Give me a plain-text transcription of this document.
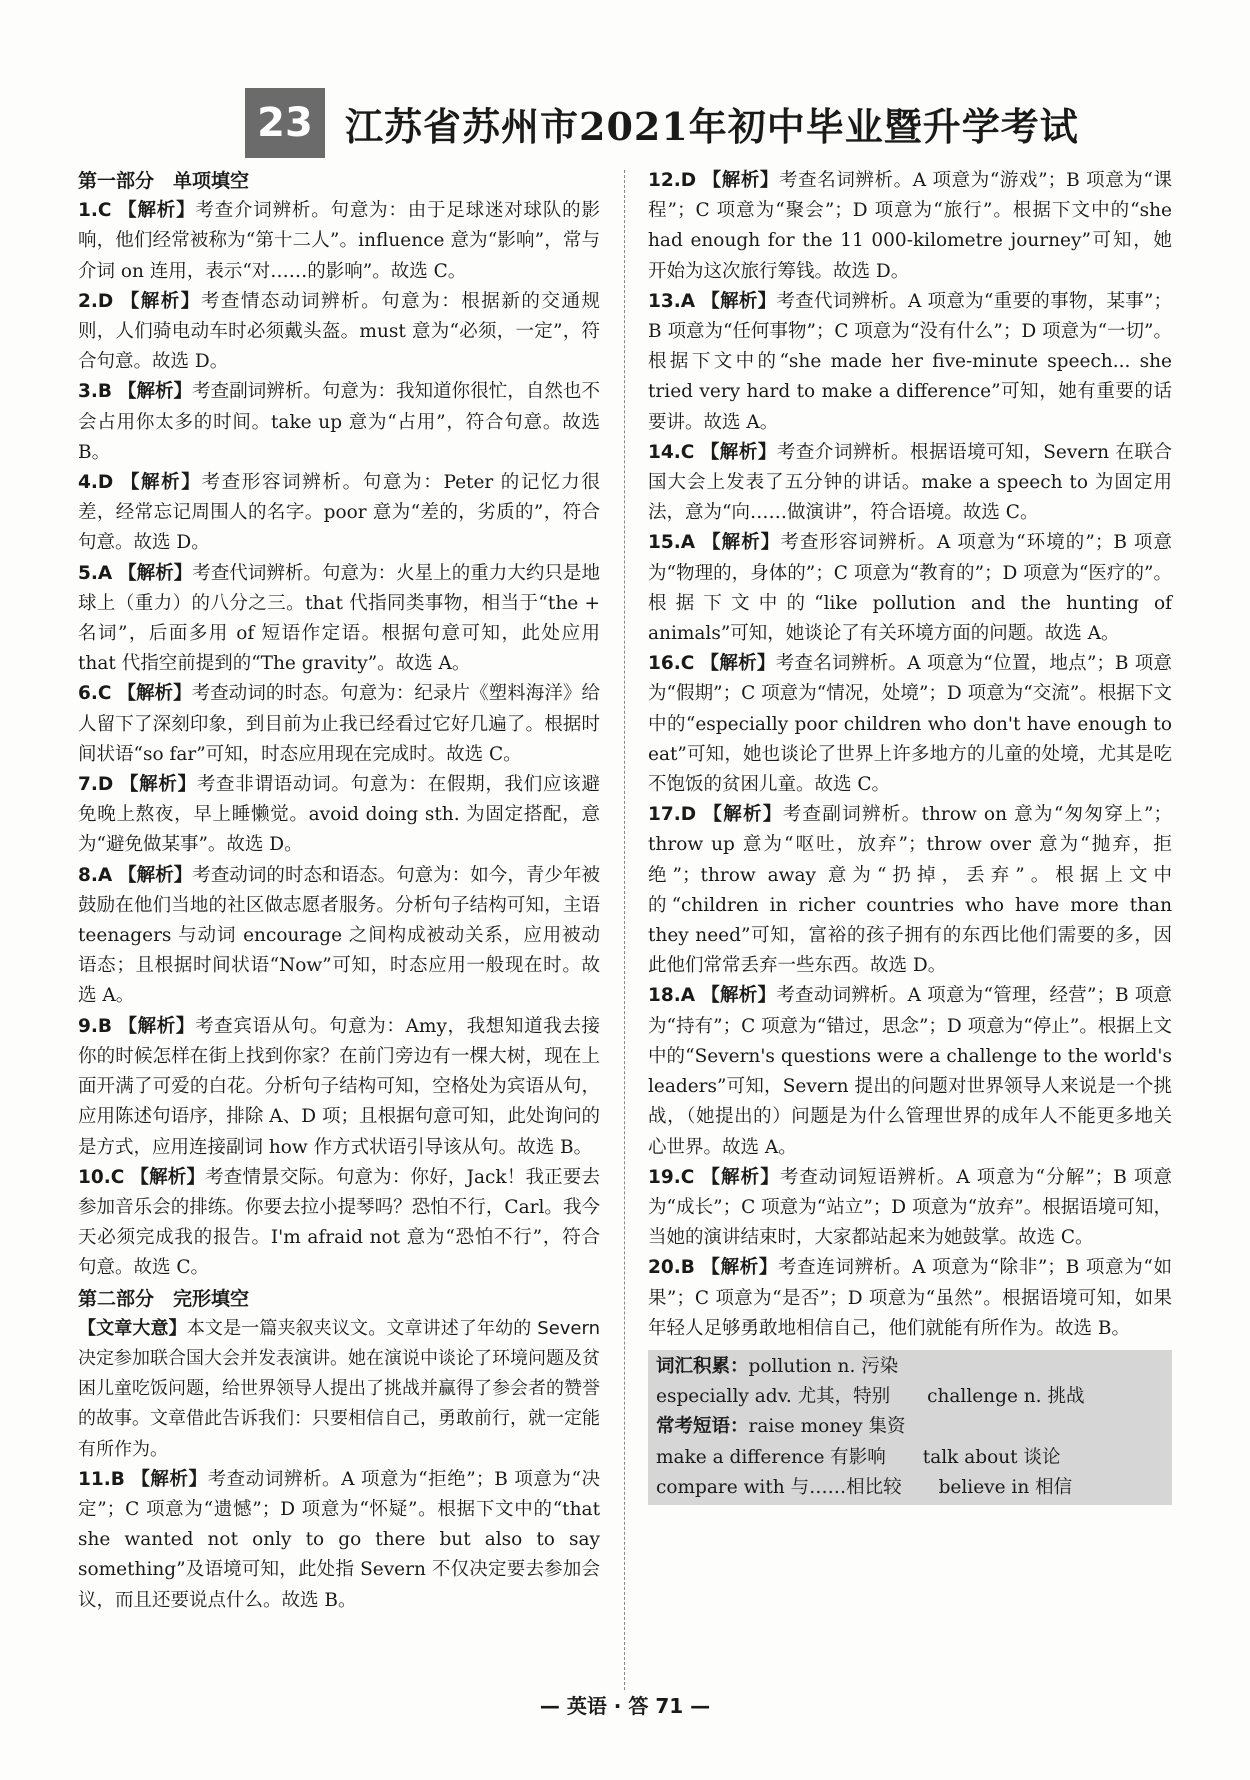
23 江苏省苏州市2021年初中毕业暨升学考试
第一部分　单项填空
1.C 【解析】考查介词辨析。句意为：由于足球迷对球队的影响，他们经常被称为“第十二人”。influence 意为“影响”，常与介词 on 连用，表示“对……的影响”。故选 C。
2.D 【解析】考查情态动词辨析。句意为：根据新的交通规则，人们骑电动车时必须戴头盔。must 意为“必须，一定”，符合句意。故选 D。
3.B 【解析】考查副词辨析。句意为：我知道你很忙，自然也不会占用你太多的时间。take up 意为“占用”，符合句意。故选 B。
4.D 【解析】考查形容词辨析。句意为：Peter 的记忆力很差，经常忘记周围人的名字。poor 意为“差的，劣质的”，符合句意。故选 D。
5.A 【解析】考查代词辨析。句意为：火星上的重力大约只是地球上（重力）的八分之三。that 代指同类事物，相当于“the + 名词”，后面多用 of 短语作定语。根据句意可知，此处应用 that 代指空前提到的“The gravity”。故选 A。
6.C 【解析】考查动词的时态。句意为：纪录片《塑料海洋》给人留下了深刻印象，到目前为止我已经看过它好几遍了。根据时间状语“so far”可知，时态应用现在完成时。故选 C。
7.D 【解析】考查非谓语动词。句意为：在假期，我们应该避免晚上熬夜，早上睡懒觉。avoid doing sth. 为固定搭配，意为“避免做某事”。故选 D。
8.A 【解析】考查动词的时态和语态。句意为：如今，青少年被鼓励在他们当地的社区做志愿者服务。分析句子结构可知，主语 teenagers 与动词 encourage 之间构成被动关系，应用被动语态；且根据时间状语“Now”可知，时态应用一般现在时。故选 A。
9.B 【解析】考查宾语从句。句意为：Amy，我想知道我去接你的时候怎样在街上找到你家？在前门旁边有一棵大树，现在上面开满了可爱的白花。分析句子结构可知，空格处为宾语从句，应用陈述句语序，排除 A、D 项；且根据句意可知，此处询问的是方式，应用连接副词 how 作方式状语引导该从句。故选 B。
10.C 【解析】考查情景交际。句意为：你好，Jack！我正要去参加音乐会的排练。你要去拉小提琴吗？恐怕不行，Carl。我今天必须完成我的报告。I'm afraid not 意为“恐怕不行”，符合句意。故选 C。
第二部分　完形填空
【文章大意】本文是一篇夹叙夹议文。文章讲述了年幼的 Severn 决定参加联合国大会并发表演讲。她在演说中谈论了环境问题及贫困儿童吃饭问题，给世界领导人提出了挑战并赢得了参会者的赞誉的故事。文章借此告诉我们：只要相信自己，勇敢前行，就一定能有所作为。
11.B 【解析】考查动词辨析。A 项意为“拒绝”；B 项意为“决定”；C 项意为“遗憾”；D 项意为“怀疑”。根据下文中的“that she wanted not only to go there but also to say something”及语境可知，此处指 Severn 不仅决定要去参加会议，而且还要说点什么。故选 B。
12.D 【解析】考查名词辨析。A 项意为“游戏”；B 项意为“课程”；C 项意为“聚会”；D 项意为“旅行”。根据下文中的“she had enough for the 11 000-kilometre journey”可知，她开始为这次旅行筹钱。故选 D。
13.A 【解析】考查代词辨析。A 项意为“重要的事物，某事”；B 项意为“任何事物”；C 项意为“没有什么”；D 项意为“一切”。根据下文中的“she made her five-minute speech... she tried very hard to make a difference”可知，她有重要的话要讲。故选 A。
14.C 【解析】考查介词辨析。根据语境可知，Severn 在联合国大会上发表了五分钟的讲话。make a speech to 为固定用法，意为“向……做演讲”，符合语境。故选 C。
15.A 【解析】考查形容词辨析。A 项意为“环境的”；B 项意为“物理的，身体的”；C 项意为“教育的”；D 项意为“医疗的”。根据下文中的“like pollution and the hunting of animals”可知，她谈论了有关环境方面的问题。故选 A。
16.C 【解析】考查名词辨析。A 项意为“位置，地点”；B 项意为“假期”；C 项意为“情况，处境”；D 项意为“交流”。根据下文中的“especially poor children who don't have enough to eat”可知，她也谈论了世界上许多地方的儿童的处境，尤其是吃不饱饭的贫困儿童。故选 C。
17.D 【解析】考查副词辨析。throw on 意为“匆匆穿上”；throw up 意为“呕吐，放弃”；throw over 意为“抛弃，拒绝”；throw away 意为“扔掉，丢弃”。根据上文中的“children in richer countries who have more than they need”可知，富裕的孩子拥有的东西比他们需要的多，因此他们常常丢弃一些东西。故选 D。
18.A 【解析】考查动词辨析。A 项意为“管理，经营”；B 项意为“持有”；C 项意为“错过，思念”；D 项意为“停止”。根据上文中的“Severn's questions were a challenge to the world's leaders”可知，Severn 提出的问题对世界领导人来说是一个挑战，（她提出的）问题是为什么管理世界的成年人不能更多地关心世界。故选 A。
19.C 【解析】考查动词短语辨析。A 项意为“分解”；B 项意为“成长”；C 项意为“站立”；D 项意为“放弃”。根据语境可知，当她的演讲结束时，大家都站起来为她鼓掌。故选 C。
20.B 【解析】考查连词辨析。A 项意为“除非”；B 项意为“如果”；C 项意为“是否”；D 项意为“虽然”。根据语境可知，如果年轻人足够勇敢地相信自己，他们就能有所作为。故选 B。
词汇积累：pollution n. 污染
especially adv. 尤其，特别　　challenge n. 挑战
常考短语：raise money 集资
make a difference 有影响　　talk about 谈论
compare with 与……相比较　　believe in 相信
— 英语 · 答 71 —
